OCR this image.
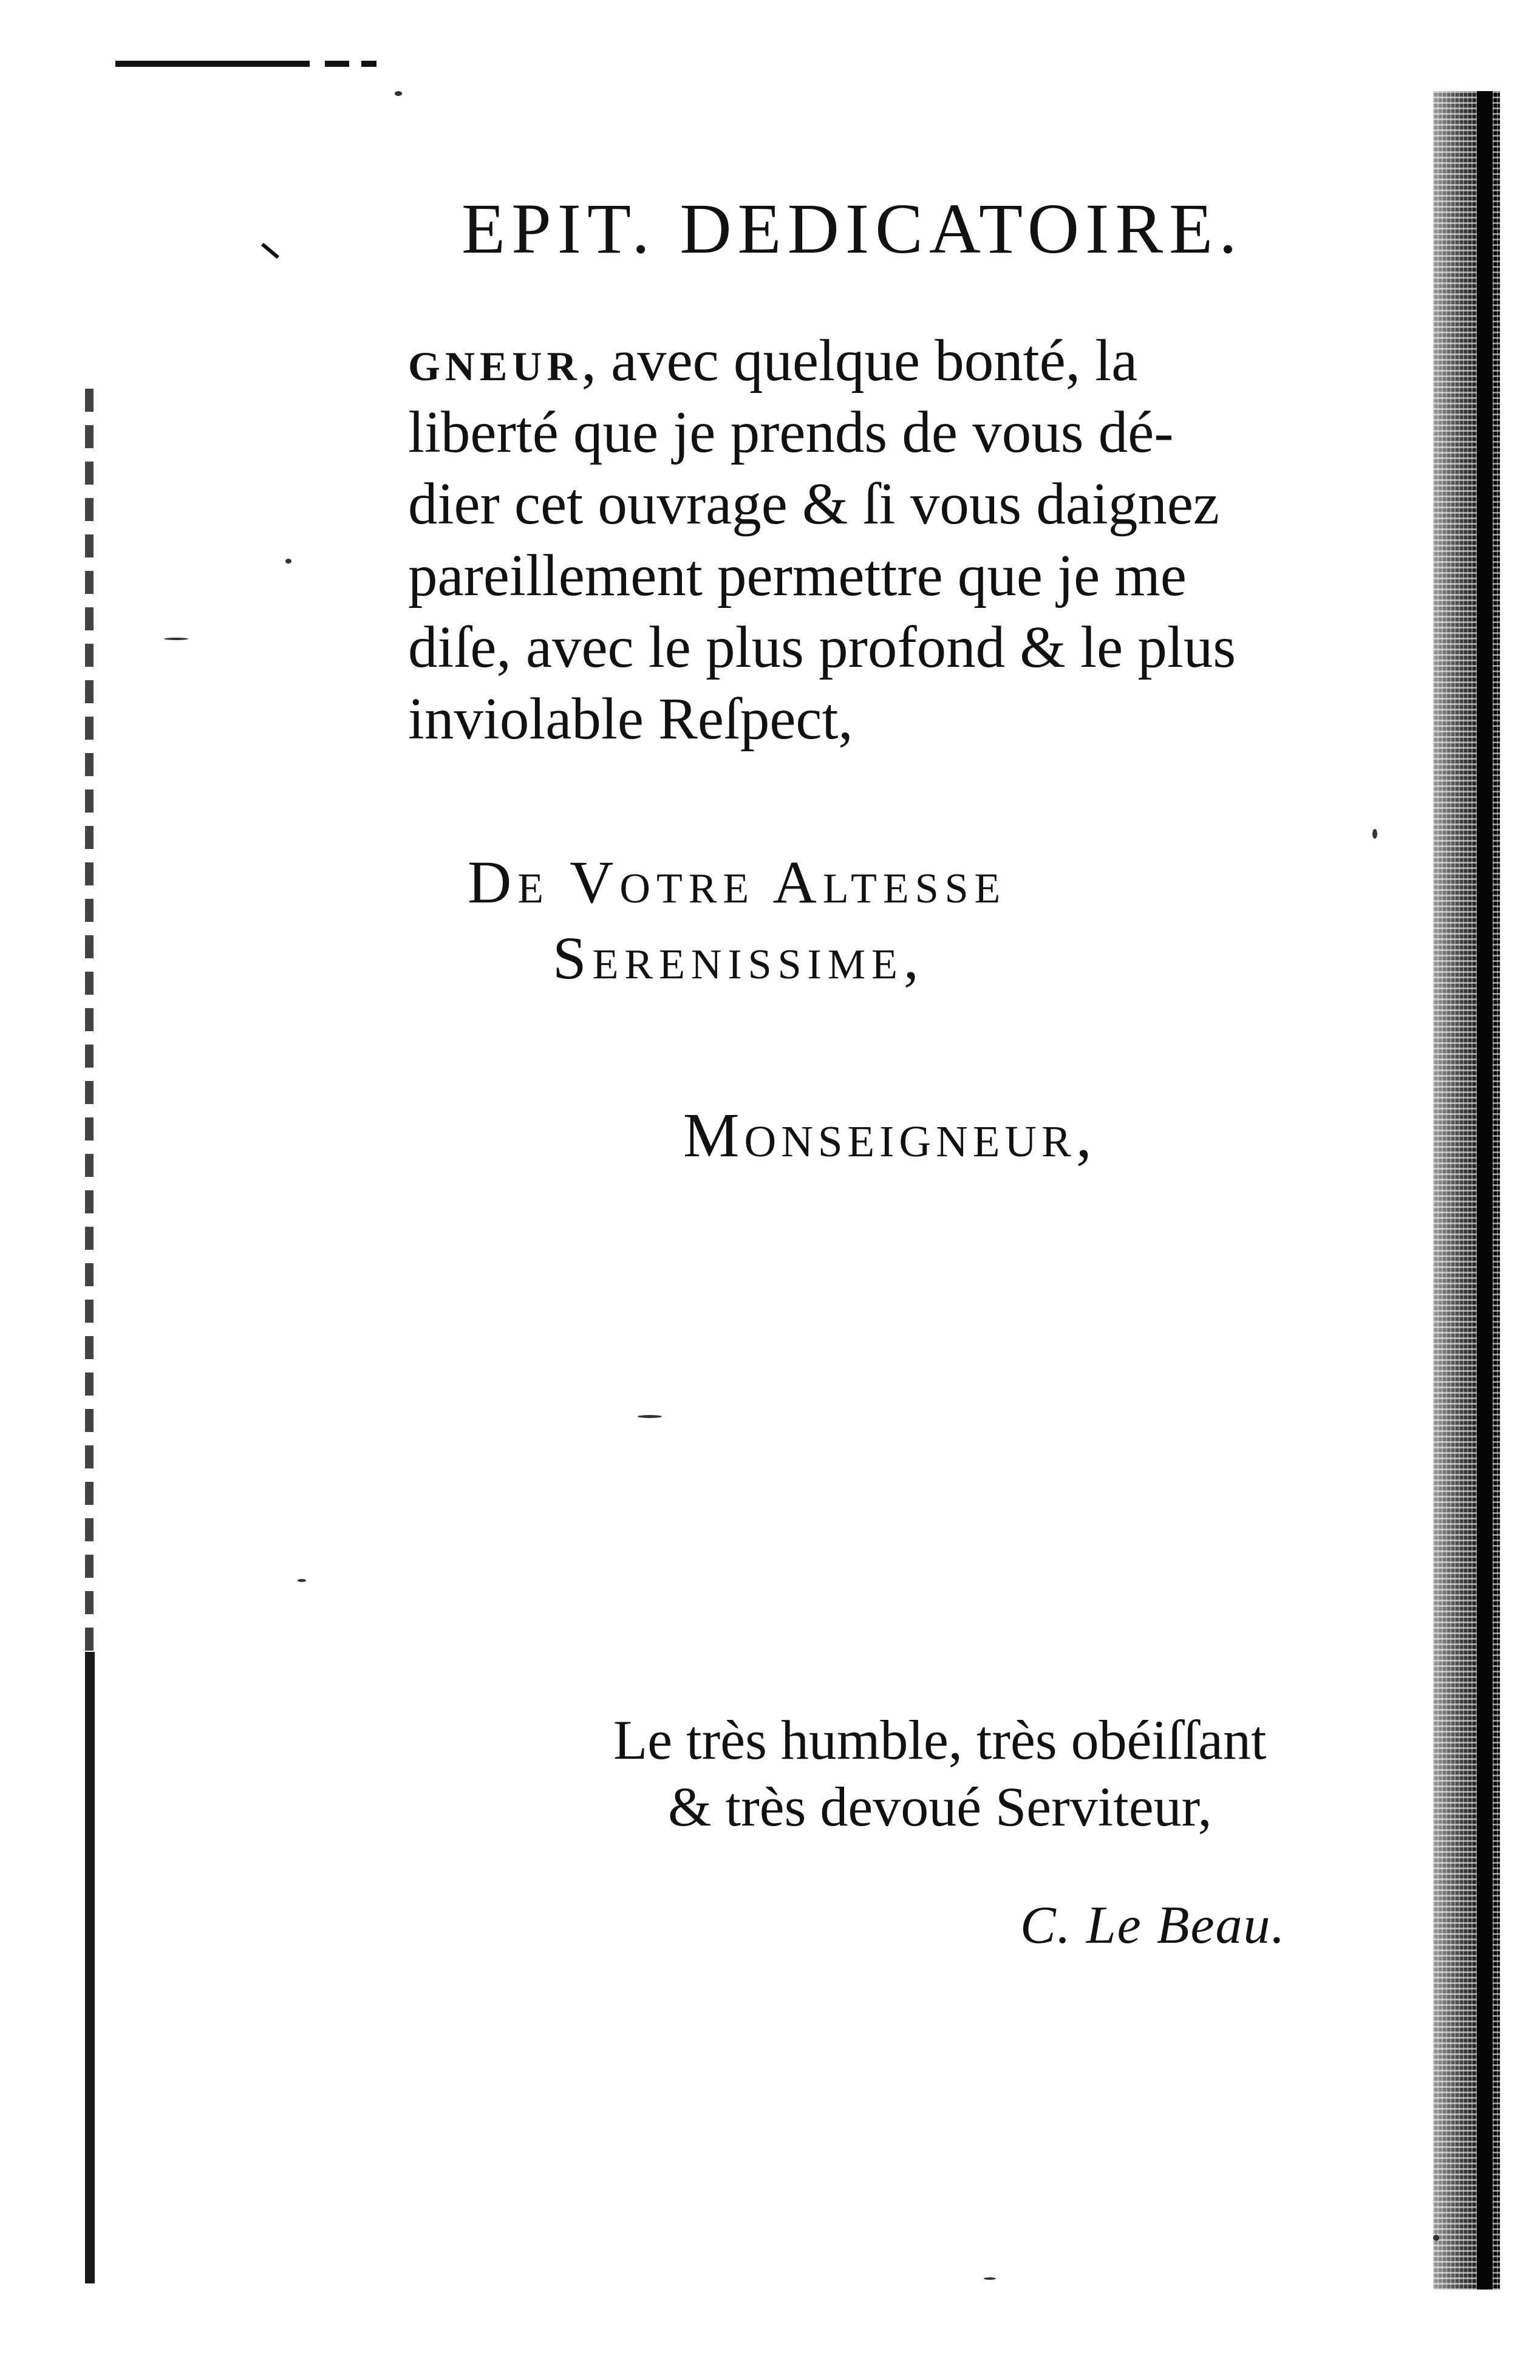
EPIT. DEDICATOIRE.
gneur, avec quelque bonté, la
liberté que je prends de vous dé-
dier cet ouvrage & ſi vous daignez
pareillement permettre que je me
diſe, avec le plus profond & le plus
inviolable Reſpect,
De Votre Altesse
Serenissime,
Monseigneur,
Le très humble, très obéiſſant
& très devoué Serviteur,
C. Le Beau.
